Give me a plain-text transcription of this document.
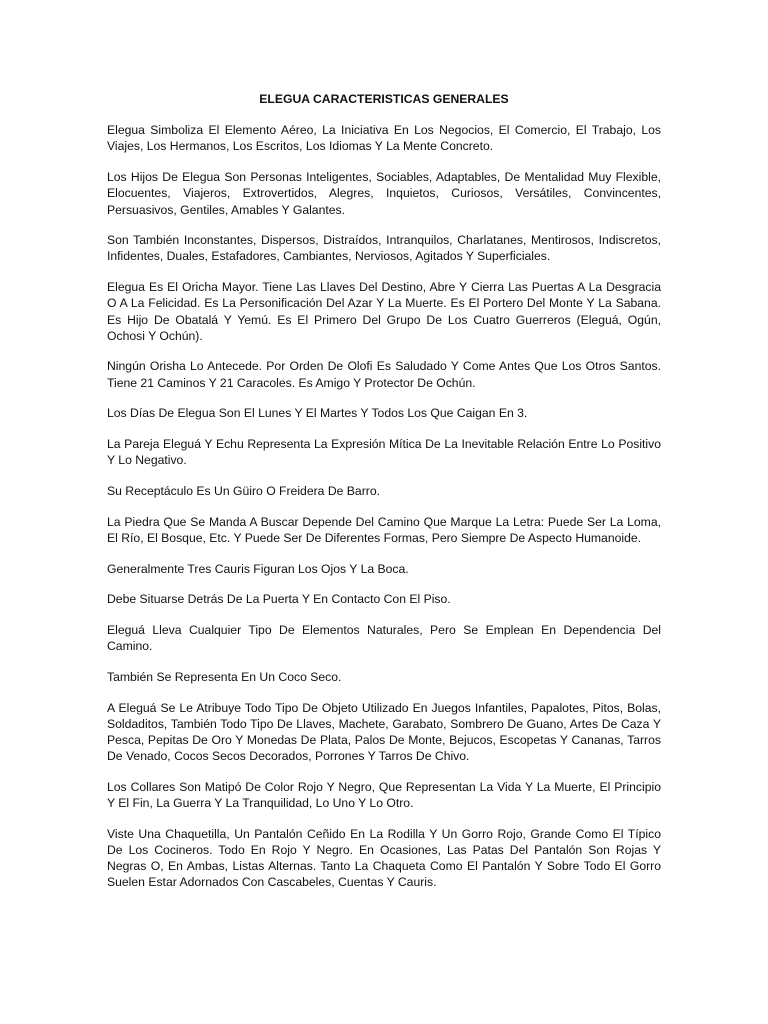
ELEGUA CARACTERISTICAS GENERALES

Elegua Simboliza El Elemento Aéreo, La Iniciativa En Los Negocios, El Comercio, El Trabajo, Los Viajes, Los Hermanos, Los Escritos, Los Idiomas Y La Mente Concreto.

Los Hijos De Elegua Son Personas Inteligentes, Sociables, Adaptables, De Mentalidad Muy Flexible, Elocuentes, Viajeros, Extrovertidos, Alegres, Inquietos, Curiosos, Versátiles, Convincentes, Persuasivos, Gentiles, Amables Y Galantes.

Son También Inconstantes, Dispersos, Distraídos, Intranquilos, Charlatanes, Mentirosos, Indiscretos, Infidentes, Duales, Estafadores, Cambiantes, Nerviosos, Agitados Y Superficiales.

Elegua Es El Oricha Mayor. Tiene Las Llaves Del Destino, Abre Y Cierra Las Puertas A La Desgracia O A La Felicidad. Es La Personificación Del Azar Y La Muerte. Es El Portero Del Monte Y La Sabana. Es Hijo De Obatalá Y Yemú. Es El Primero Del Grupo De Los Cuatro Guerreros (Eleguá, Ogún, Ochosi Y Ochún).

Ningún Orisha Lo Antecede. Por Orden De Olofi Es Saludado Y Come Antes Que Los Otros Santos. Tiene 21 Caminos Y 21 Caracoles. Es Amigo Y Protector De Ochún.

Los Días De Elegua Son El Lunes Y El Martes Y Todos Los Que Caigan En 3.

La Pareja Eleguá Y Echu Representa La Expresión Mítica De La Inevitable Relación Entre Lo Positivo Y Lo Negativo.

Su Receptáculo Es Un Güiro O Freidera De Barro.

La Piedra Que Se Manda A Buscar Depende Del Camino Que Marque La Letra: Puede Ser La Loma, El Río, El Bosque, Etc. Y Puede Ser De Diferentes Formas, Pero Siempre De Aspecto Humanoide.

Generalmente Tres Cauris Figuran Los Ojos Y La Boca.

Debe Situarse Detrás De La Puerta Y En Contacto Con El Piso.

Eleguá Lleva Cualquier Tipo De Elementos Naturales, Pero Se Emplean En Dependencia Del Camino.

También Se Representa En Un Coco Seco.

A Eleguá Se Le Atribuye Todo Tipo De Objeto Utilizado En Juegos Infantiles, Papalotes, Pitos, Bolas, Soldaditos, También Todo Tipo De Llaves, Machete, Garabato, Sombrero De Guano, Artes De Caza Y Pesca, Pepitas De Oro Y Monedas De Plata, Palos De Monte, Bejucos, Escopetas Y Cananas, Tarros De Venado, Cocos Secos Decorados, Porrones Y Tarros De Chivo.

Los Collares Son Matipó De Color Rojo Y Negro, Que Representan La Vida Y La Muerte, El Principio Y El Fin, La Guerra Y La Tranquilidad, Lo Uno Y Lo Otro.

Viste Una Chaquetilla, Un Pantalón Ceñido En La Rodilla Y Un Gorro Rojo, Grande Como El Típico De Los Cocineros. Todo En Rojo Y Negro. En Ocasiones, Las Patas Del Pantalón Son Rojas Y Negras O, En Ambas, Listas Alternas. Tanto La Chaqueta Como El Pantalón Y Sobre Todo El Gorro Suelen Estar Adornados Con Cascabeles, Cuentas Y Cauris.
